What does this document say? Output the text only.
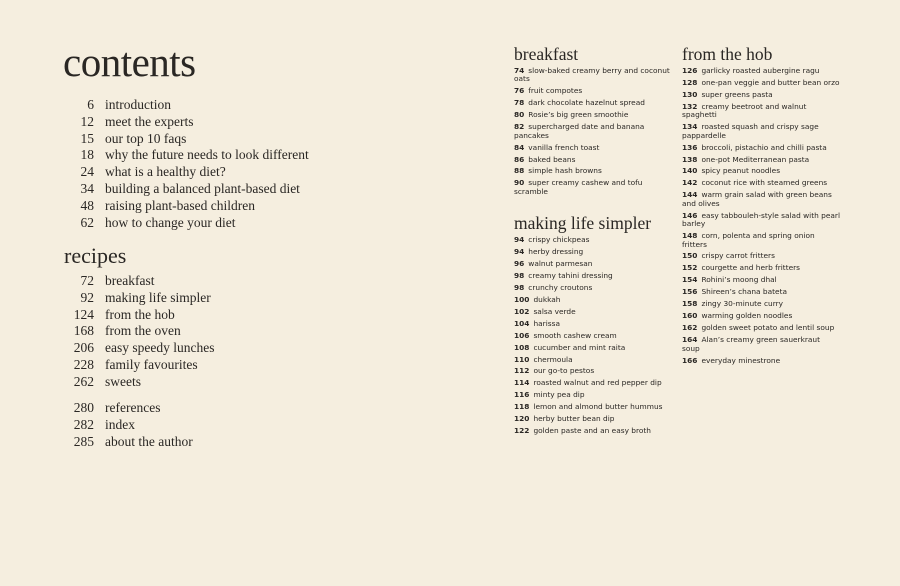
contents
6 introduction
12 meet the experts
15 our top 10 faqs
18 why the future needs to look different
24 what is a healthy diet?
34 building a balanced plant-based diet
48 raising plant-based children
62 how to change your diet
recipes
72 breakfast
92 making life simpler
124 from the hob
168 from the oven
206 easy speedy lunches
228 family favourites
262 sweets
280 references
282 index
285 about the author
breakfast
74 slow-baked creamy berry and coconut oats
76 fruit compotes
78 dark chocolate hazelnut spread
80 Rosie’s big green smoothie
82 supercharged date and banana pancakes
84 vanilla french toast
86 baked beans
88 simple hash browns
90 super creamy cashew and tofu scramble
making life simpler
94 crispy chickpeas
94 herby dressing
96 walnut parmesan
98 creamy tahini dressing
98 crunchy croutons
100 dukkah
102 salsa verde
104 harissa
106 smooth cashew cream
108 cucumber and mint raita
110 chermoula
112 our go-to pestos
114 roasted walnut and red pepper dip
116 minty pea dip
118 lemon and almond butter hummus
120 herby butter bean dip
122 golden paste and an easy broth
from the hob
126 garlicky roasted aubergine ragu
128 one-pan veggie and butter bean orzo
130 super greens pasta
132 creamy beetroot and walnut spaghetti
134 roasted squash and crispy sage pappardelle
136 broccoli, pistachio and chilli pasta
138 one-pot Mediterranean pasta
140 spicy peanut noodles
142 coconut rice with steamed greens
144 warm grain salad with green beans and olives
146 easy tabbouleh-style salad with pearl barley
148 corn, polenta and spring onion fritters
150 crispy carrot fritters
152 courgette and herb fritters
154 Rohini’s moong dhal
156 Shireen’s chana bateta
158 zingy 30-minute curry
160 warming golden noodles
162 golden sweet potato and lentil soup
164 Alan’s creamy green sauerkraut soup
166 everyday minestrone
